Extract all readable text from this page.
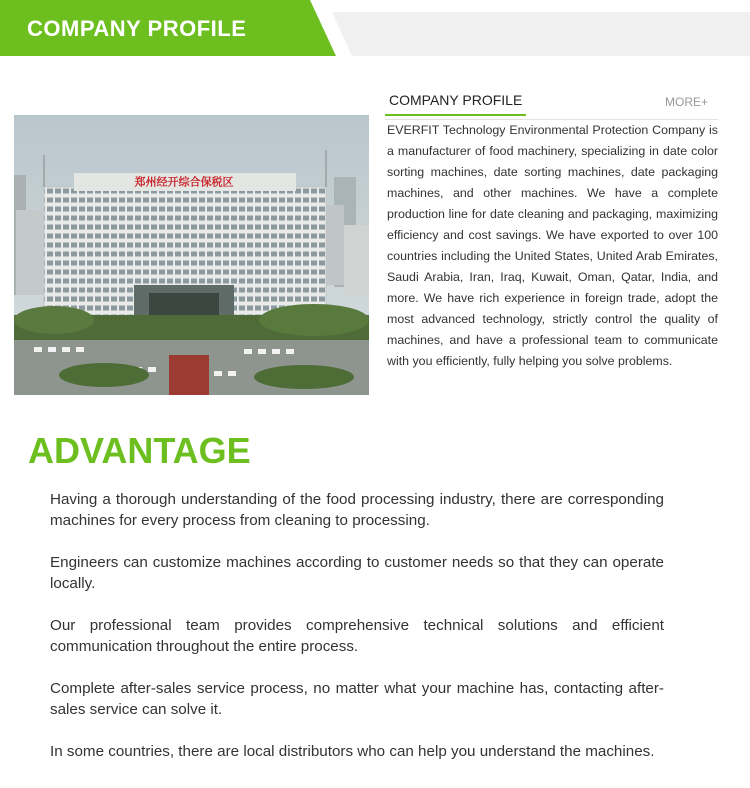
COMPANY PROFILE
郑州经开综合保税区
COMPANY PROFILE	MORE+

EVERFIT Technology Environmental Protection Company is a manufacturer of food machinery, specializing in date color sorting machines, date sorting machines, date packaging machines, and other machines. We have a complete production line for date cleaning and packaging, maximizing efficiency and cost savings. We have exported to over 100 countries including the United States, United Arab Emirates, Saudi Arabia, Iran, Iraq, Kuwait, Oman, Qatar, India, and more. We have rich experience in foreign trade, adopt the most advanced technology, strictly control the quality of machines, and have a professional team to communicate with you efficiently, fully helping you solve problems.

ADVANTAGE
Having a thorough understanding of the food processing industry, there are corresponding machines for every process from cleaning to processing.
Engineers can customize machines according to customer needs so that they can operate locally.
Our professional team provides comprehensive technical solutions and efficient communication throughout the entire process.
Complete after-sales service process, no matter what your machine has, contacting after-sales service can solve it.
In some countries, there are local distributors who can help you understand the machines.
